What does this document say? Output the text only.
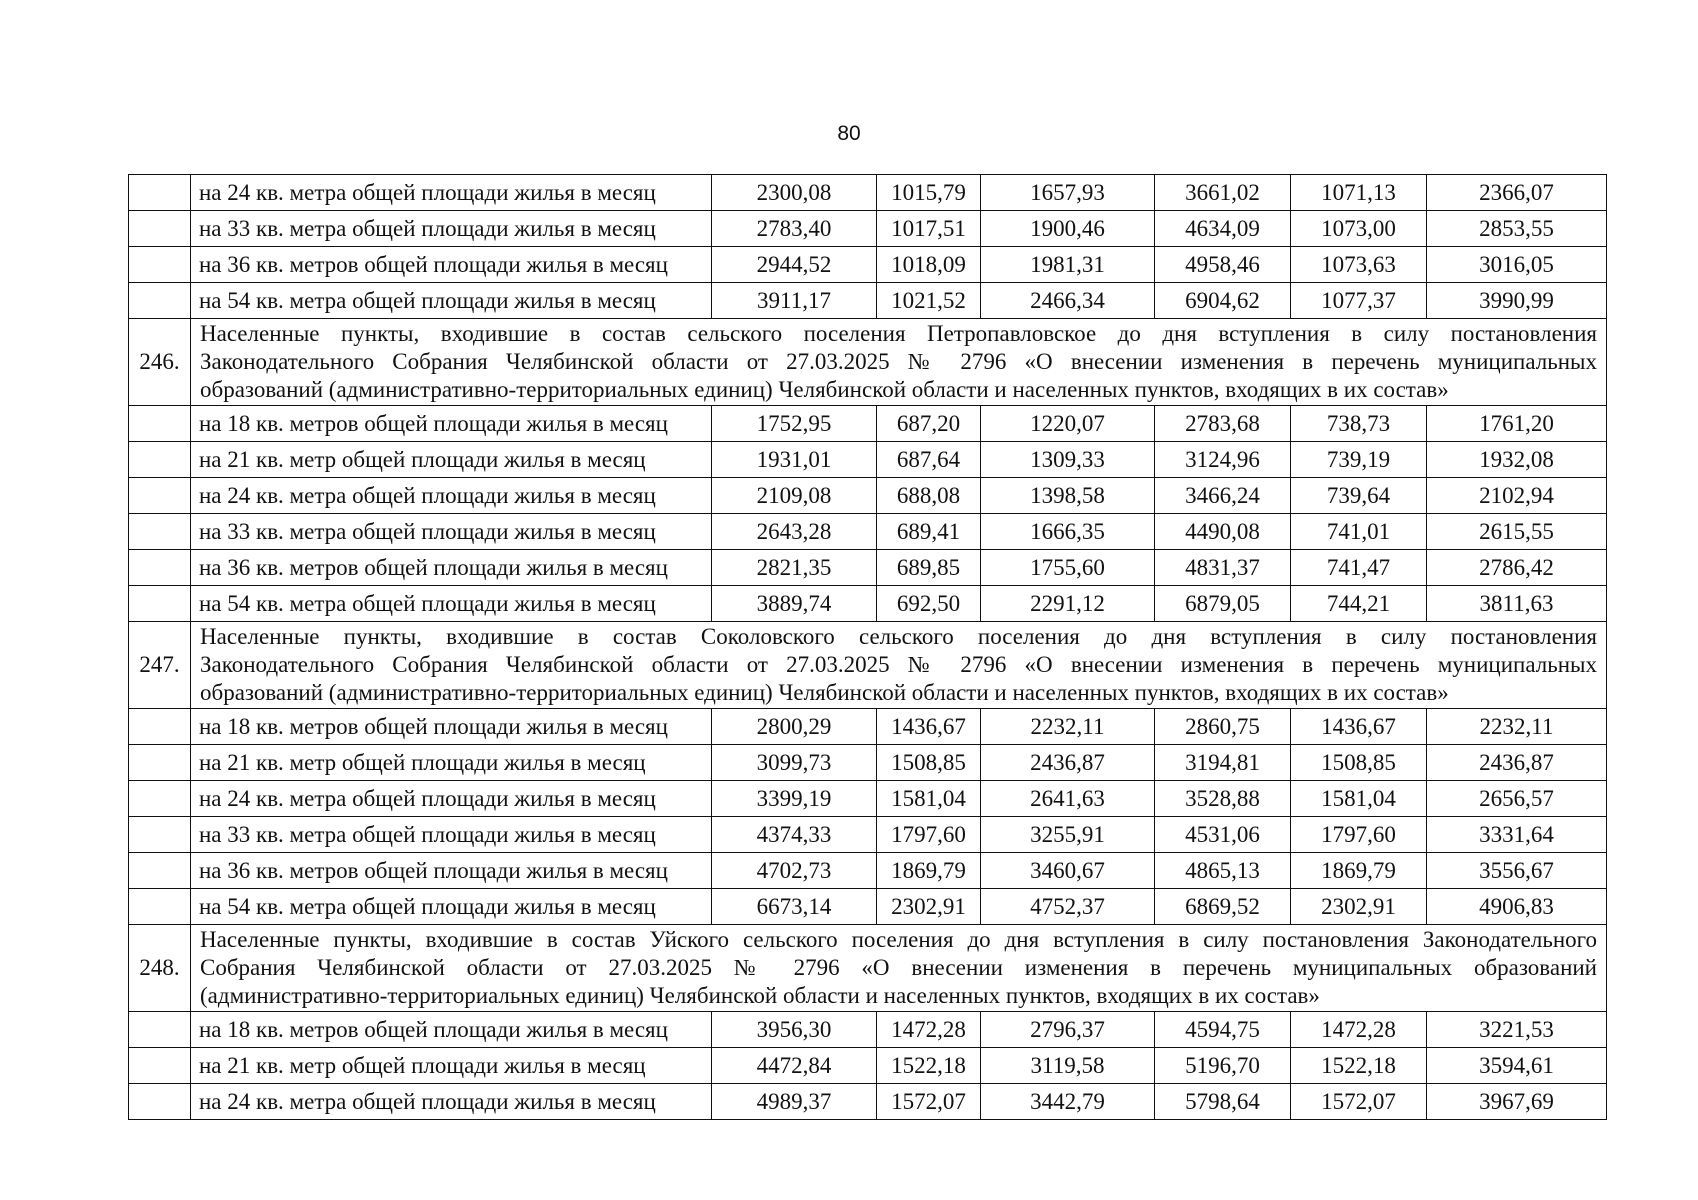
80
	на 24 кв. метра общей площади жилья в месяц	2300,08	1015,79	1657,93	3661,02	1071,13	2366,07
	на 33 кв. метра общей площади жилья в месяц	2783,40	1017,51	1900,46	4634,09	1073,00	2853,55
	на 36 кв. метров общей площади жилья в месяц	2944,52	1018,09	1981,31	4958,46	1073,63	3016,05
	на 54 кв. метра общей площади жилья в месяц	3911,17	1021,52	2466,34	6904,62	1077,37	3990,99
246.	Населенные пункты, входившие в состав сельского поселения Петропавловское до дня вступления в силу постановления
Законодательного Собрания Челябинской области от 27.03.2025 № 2796 «О внесении изменения в перечень муниципальных
образований (административно-территориальных единиц) Челябинской области и населенных пунктов, входящих в их состав»						

	на 18 кв. метров общей площади жилья в месяц	1752,95	687,20	1220,07	2783,68	738,73	1761,20
	на 21 кв. метр общей площади жилья в месяц	1931,01	687,64	1309,33	3124,96	739,19	1932,08
	на 24 кв. метра общей площади жилья в месяц	2109,08	688,08	1398,58	3466,24	739,64	2102,94
	на 33 кв. метра общей площади жилья в месяц	2643,28	689,41	1666,35	4490,08	741,01	2615,55
	на 36 кв. метров общей площади жилья в месяц	2821,35	689,85	1755,60	4831,37	741,47	2786,42
	на 54 кв. метра общей площади жилья в месяц	3889,74	692,50	2291,12	6879,05	744,21	3811,63
247.	Населенные пункты, входившие в состав Соколовского сельского поселения до дня вступления в силу постановления
Законодательного Собрания Челябинской области от 27.03.2025 № 2796 «О внесении изменения в перечень муниципальных
образований (административно-территориальных единиц) Челябинской области и населенных пунктов, входящих в их состав»						

	на 18 кв. метров общей площади жилья в месяц	2800,29	1436,67	2232,11	2860,75	1436,67	2232,11
	на 21 кв. метр общей площади жилья в месяц	3099,73	1508,85	2436,87	3194,81	1508,85	2436,87
	на 24 кв. метра общей площади жилья в месяц	3399,19	1581,04	2641,63	3528,88	1581,04	2656,57
	на 33 кв. метра общей площади жилья в месяц	4374,33	1797,60	3255,91	4531,06	1797,60	3331,64
	на 36 кв. метров общей площади жилья в месяц	4702,73	1869,79	3460,67	4865,13	1869,79	3556,67
	на 54 кв. метра общей площади жилья в месяц	6673,14	2302,91	4752,37	6869,52	2302,91	4906,83
248.	Населенные пункты, входившие в состав Уйского сельского поселения до дня вступления в силу постановления Законодательного
Собрания Челябинской области от 27.03.2025 № 2796 «О внесении изменения в перечень муниципальных образований
(административно-территориальных единиц) Челябинской области и населенных пунктов, входящих в их состав»						

	на 18 кв. метров общей площади жилья в месяц	3956,30	1472,28	2796,37	4594,75	1472,28	3221,53
	на 21 кв. метр общей площади жилья в месяц	4472,84	1522,18	3119,58	5196,70	1522,18	3594,61
	на 24 кв. метра общей площади жилья в месяц	4989,37	1572,07	3442,79	5798,64	1572,07	3967,69
